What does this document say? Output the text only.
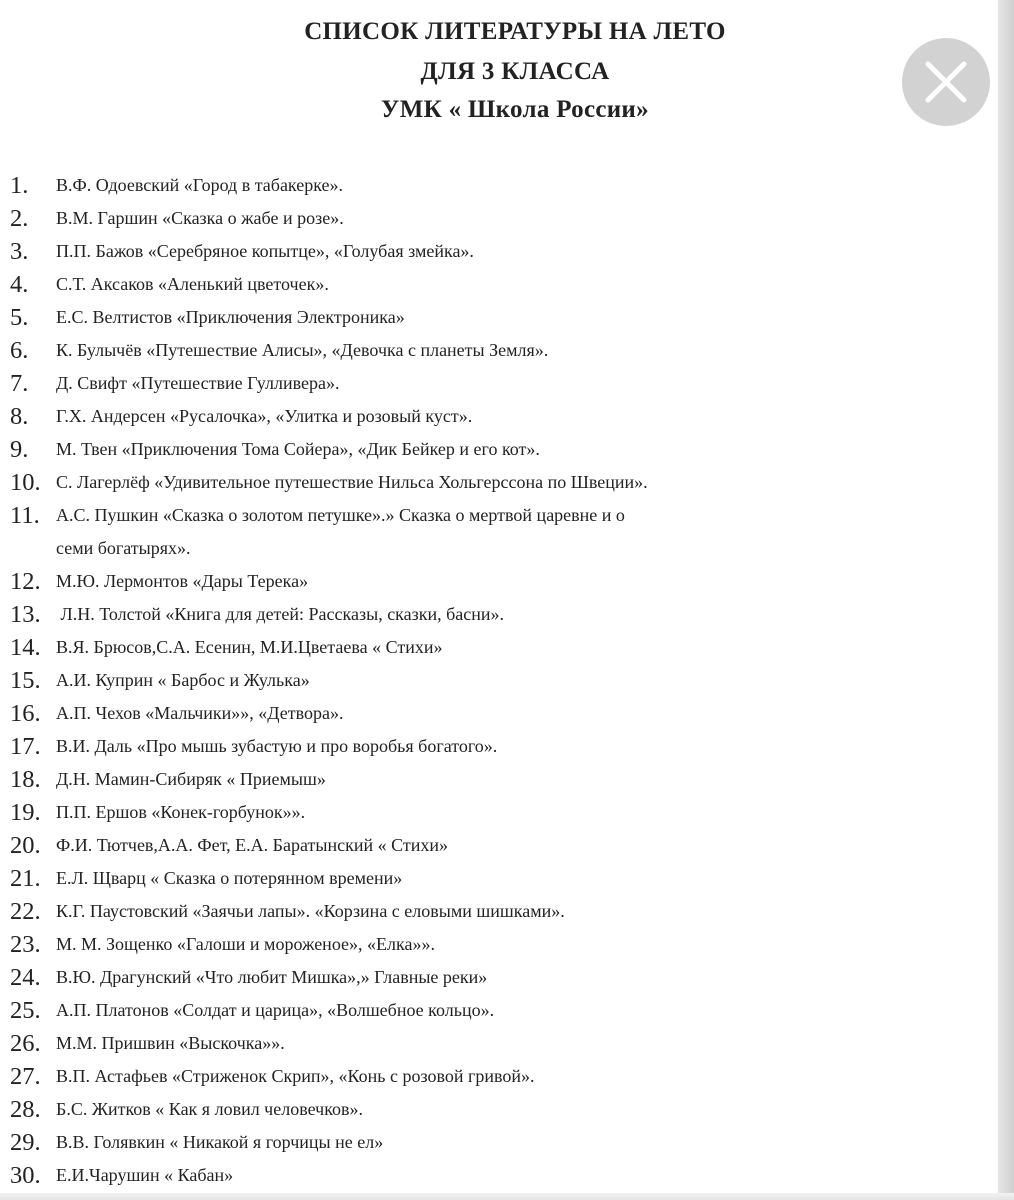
СПИСОК ЛИТЕРАТУРЫ НА ЛЕТО
ДЛЯ 3 КЛАССА
УМК « Школа России»
1.	В.Ф. Одоевский «Город в табакерке».
2.	В.М. Гаршин «Сказка о жабе и розе».
3.	П.П. Бажов «Серебряное копытце», «Голубая змейка».
4.	С.Т. Аксаков «Аленький цветочек».
5.	Е.С. Велтистов «Приключения Электроника»
6.	К. Булычёв «Путешествие Алисы», «Девочка с планеты Земля».
7.	Д. Свифт «Путешествие Гулливера».
8.	Г.Х. Андерсен «Русалочка», «Улитка и розовый куст».
9.	М. Твен «Приключения Тома Сойера», «Дик Бейкер и его кот».
10. С. Лагерлёф «Удивительное путешествие Нильса Хольгерссона по Швеции».
11. А.С. Пушкин «Сказка о золотом петушке».» Сказка о мертвой царевне и о
семи богатырях».
12. М.Ю. Лермонтов «Дары Терека»
13. Л.Н. Толстой «Книга для детей: Рассказы, сказки, басни».
14. В.Я. Брюсов,С.А. Есенин, М.И.Цветаева « Стихи»
15. А.И. Куприн « Барбос и Жулька»
16. А.П. Чехов «Мальчики»», «Детвора».
17. В.И. Даль «Про мышь зубастую и про воробья богатого».
18. Д.Н. Мамин-Сибиряк « Приемыш»
19. П.П. Ершов «Конек-горбунок»».
20. Ф.И. Тютчев,А.А. Фет, Е.А. Баратынский « Стихи»
21. Е.Л. Щварц « Сказка о потерянном времени»
22. К.Г. Паустовский «Заячьи лапы». «Корзина с еловыми шишками».
23. М. М. Зощенко «Галоши и мороженое», «Елка»».
24. В.Ю. Драгунский «Что любит Мишка»,» Главные реки»
25. А.П. Платонов «Солдат и царица», «Волшебное кольцо».
26. М.М. Пришвин «Выскочка»».
27. В.П. Астафьев «Стриженок Скрип», «Конь с розовой гривой».
28. Б.С. Житков « Как я ловил человечков».
29. В.В. Голявкин « Никакой я горчицы не ел»
30. Е.И.Чарушин « Кабан»
